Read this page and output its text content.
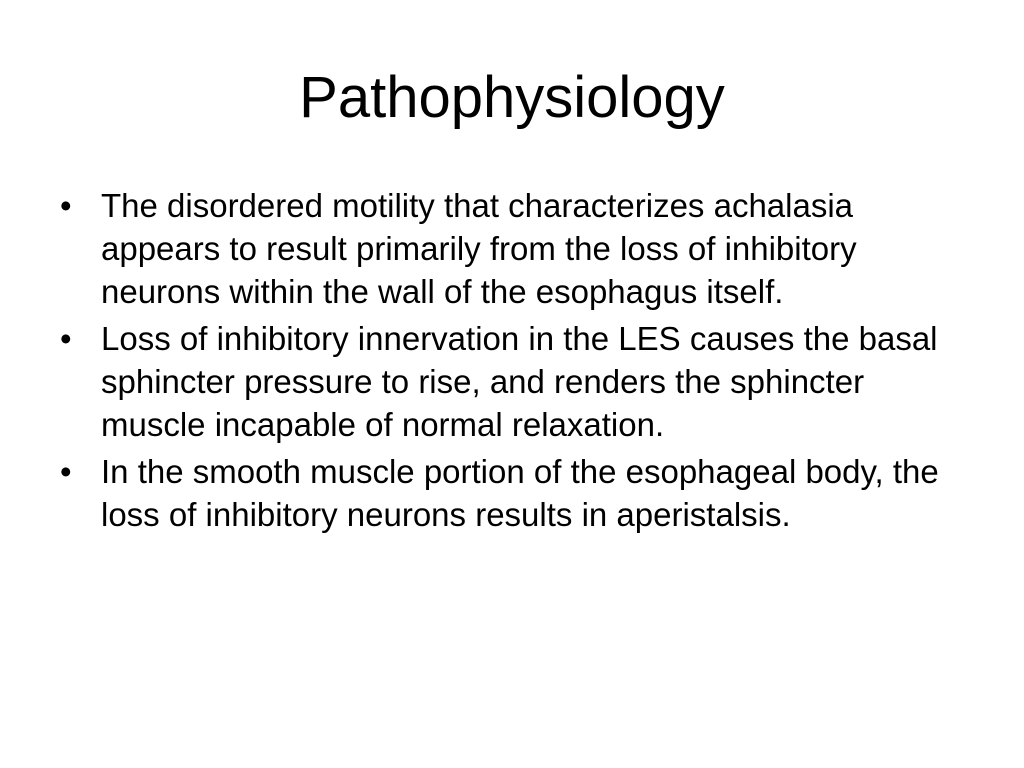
Pathophysiology
• The disordered motility that characterizes achalasia appears to result primarily from the loss of inhibitory neurons within the wall of the esophagus itself.
• Loss of inhibitory innervation in the LES causes the basal sphincter pressure to rise, and renders the sphincter muscle incapable of normal relaxation.
• In the smooth muscle portion of the esophageal body, the loss of inhibitory neurons results in aperistalsis.
